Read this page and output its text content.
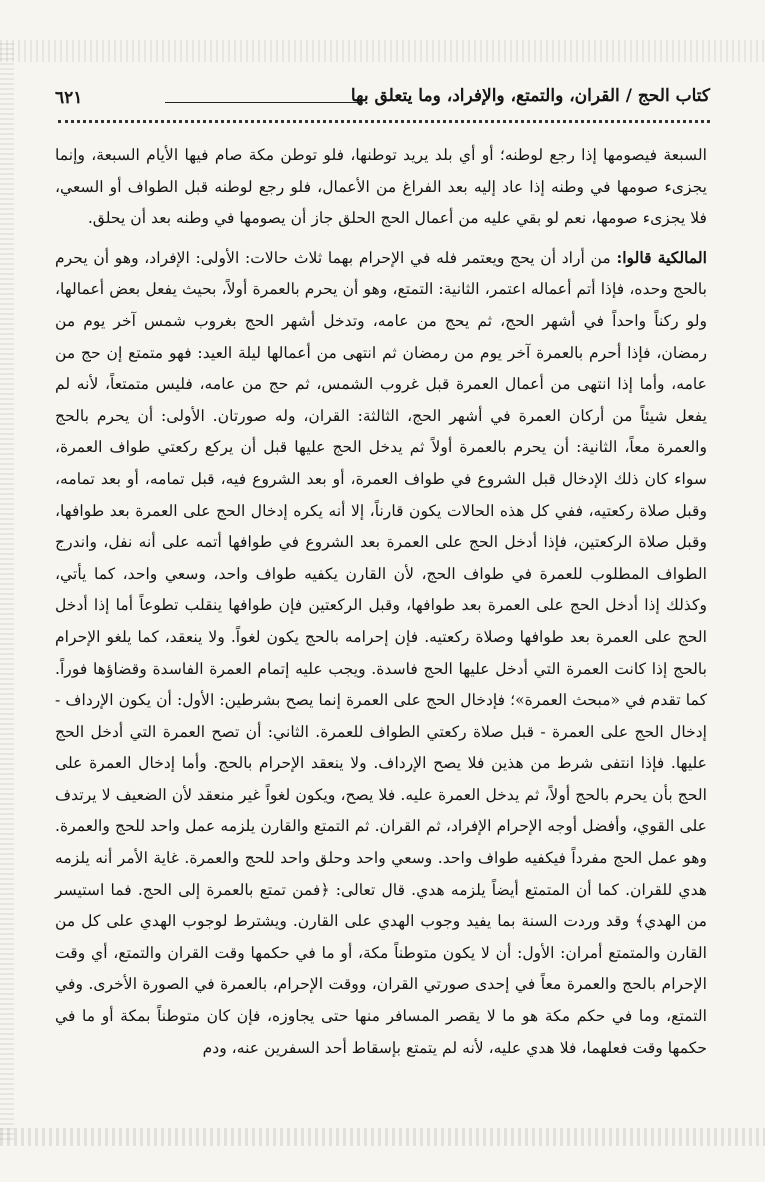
كتاب الحج / القران، والتمتع، والإفراد، وما يتعلق بها
٦٢١

السبعة فيصومها إذا رجع لوطنه؛ أو أي بلد يريد توطنها، فلو توطن مكة صام فيها الأيام السبعة، وإنما يجزىء صومها في وطنه إذا عاد إليه بعد الفراغ من الأعمال، فلو رجع لوطنه قبل الطواف أو السعي، فلا يجزىء صومها، نعم لو بقي عليه من أعمال الحج الحلق جاز أن يصومها في وطنه بعد أن يحلق.

المالكية قالوا: من أراد أن يحج ويعتمر فله في الإحرام بهما ثلاث حالات: الأولى: الإفراد، وهو أن يحرم بالحج وحده، فإذا أتم أعماله اعتمر، الثانية: التمتع، وهو أن يحرم بالعمرة أولاً، بحيث يفعل بعض أعمالها، ولو ركناً واحداً في أشهر الحج، ثم يحج من عامه، وتدخل أشهر الحج بغروب شمس آخر يوم من رمضان، فإذا أحرم بالعمرة آخر يوم من رمضان ثم انتهى من أعمالها ليلة العيد: فهو متمتع إن حج من عامه، وأما إذا انتهى من أعمال العمرة قبل غروب الشمس، ثم حج من عامه، فليس متمتعاً، لأنه لم يفعل شيئاً من أركان العمرة في أشهر الحج، الثالثة: القران، وله صورتان. الأولى: أن يحرم بالحج والعمرة معاً، الثانية: أن يحرم بالعمرة أولاً ثم يدخل الحج عليها قبل أن يركع ركعتي طواف العمرة، سواء كان ذلك الإدخال قبل الشروع في طواف العمرة، أو بعد الشروع فيه، قبل تمامه، أو بعد تمامه، وقبل صلاة ركعتيه، ففي كل هذه الحالات يكون قارناً، إلا أنه يكره إدخال الحج على العمرة بعد طوافها، وقبل صلاة الركعتين، فإذا أدخل الحج على العمرة بعد الشروع في طوافها أتمه على أنه نفل، واندرج الطواف المطلوب للعمرة في طواف الحج، لأن القارن يكفيه طواف واحد، وسعي واحد، كما يأتي، وكذلك إذا أدخل الحج على العمرة بعد طوافها، وقبل الركعتين فإن طوافها ينقلب تطوعاً أما إذا أدخل الحج على العمرة بعد طوافها وصلاة ركعتيه. فإن إحرامه بالحج يكون لغواً. ولا ينعقد، كما يلغو الإحرام بالحج إذا كانت العمرة التي أدخل عليها الحج فاسدة. ويجب عليه إتمام العمرة الفاسدة وقضاؤها فوراً. كما تقدم في «مبحث العمرة»؛ فإدخال الحج على العمرة إنما يصح بشرطين: الأول: أن يكون الإرداف - إدخال الحج على العمرة - قبل صلاة ركعتي الطواف للعمرة. الثاني: أن تصح العمرة التي أدخل الحج عليها. فإذا انتفى شرط من هذين فلا يصح الإرداف. ولا ينعقد الإحرام بالحج. وأما إدخال العمرة على الحج بأن يحرم بالحج أولاً، ثم يدخل العمرة عليه. فلا يصح، ويكون لغواً غير منعقد لأن الضعيف لا يرتدف على القوي، وأفضل أوجه الإحرام الإفراد، ثم القران. ثم التمتع والقارن يلزمه عمل واحد للحج والعمرة. وهو عمل الحج مفرداً فيكفيه طواف واحد. وسعي واحد وحلق واحد للحج والعمرة. غاية الأمر أنه يلزمه هدي للقران. كما أن المتمتع أيضاً يلزمه هدي. قال تعالى: ﴿فمن تمتع بالعمرة إلى الحج. فما استيسر من الهدي﴾ وقد وردت السنة بما يفيد وجوب الهدي على القارن. ويشترط لوجوب الهدي على كل من القارن والمتمتع أمران: الأول: أن لا يكون متوطناً مكة، أو ما في حكمها وقت القران والتمتع، أي وقت الإحرام بالحج والعمرة معاً في إحدى صورتي القران، ووقت الإحرام، بالعمرة في الصورة الأخرى. وفي التمتع، وما في حكم مكة هو ما لا يقصر المسافر منها حتى يجاوزه، فإن كان متوطناً بمكة أو ما في حكمها وقت فعلهما، فلا هدي عليه، لأنه لم يتمتع بإسقاط أحد السفرين عنه، ودم
